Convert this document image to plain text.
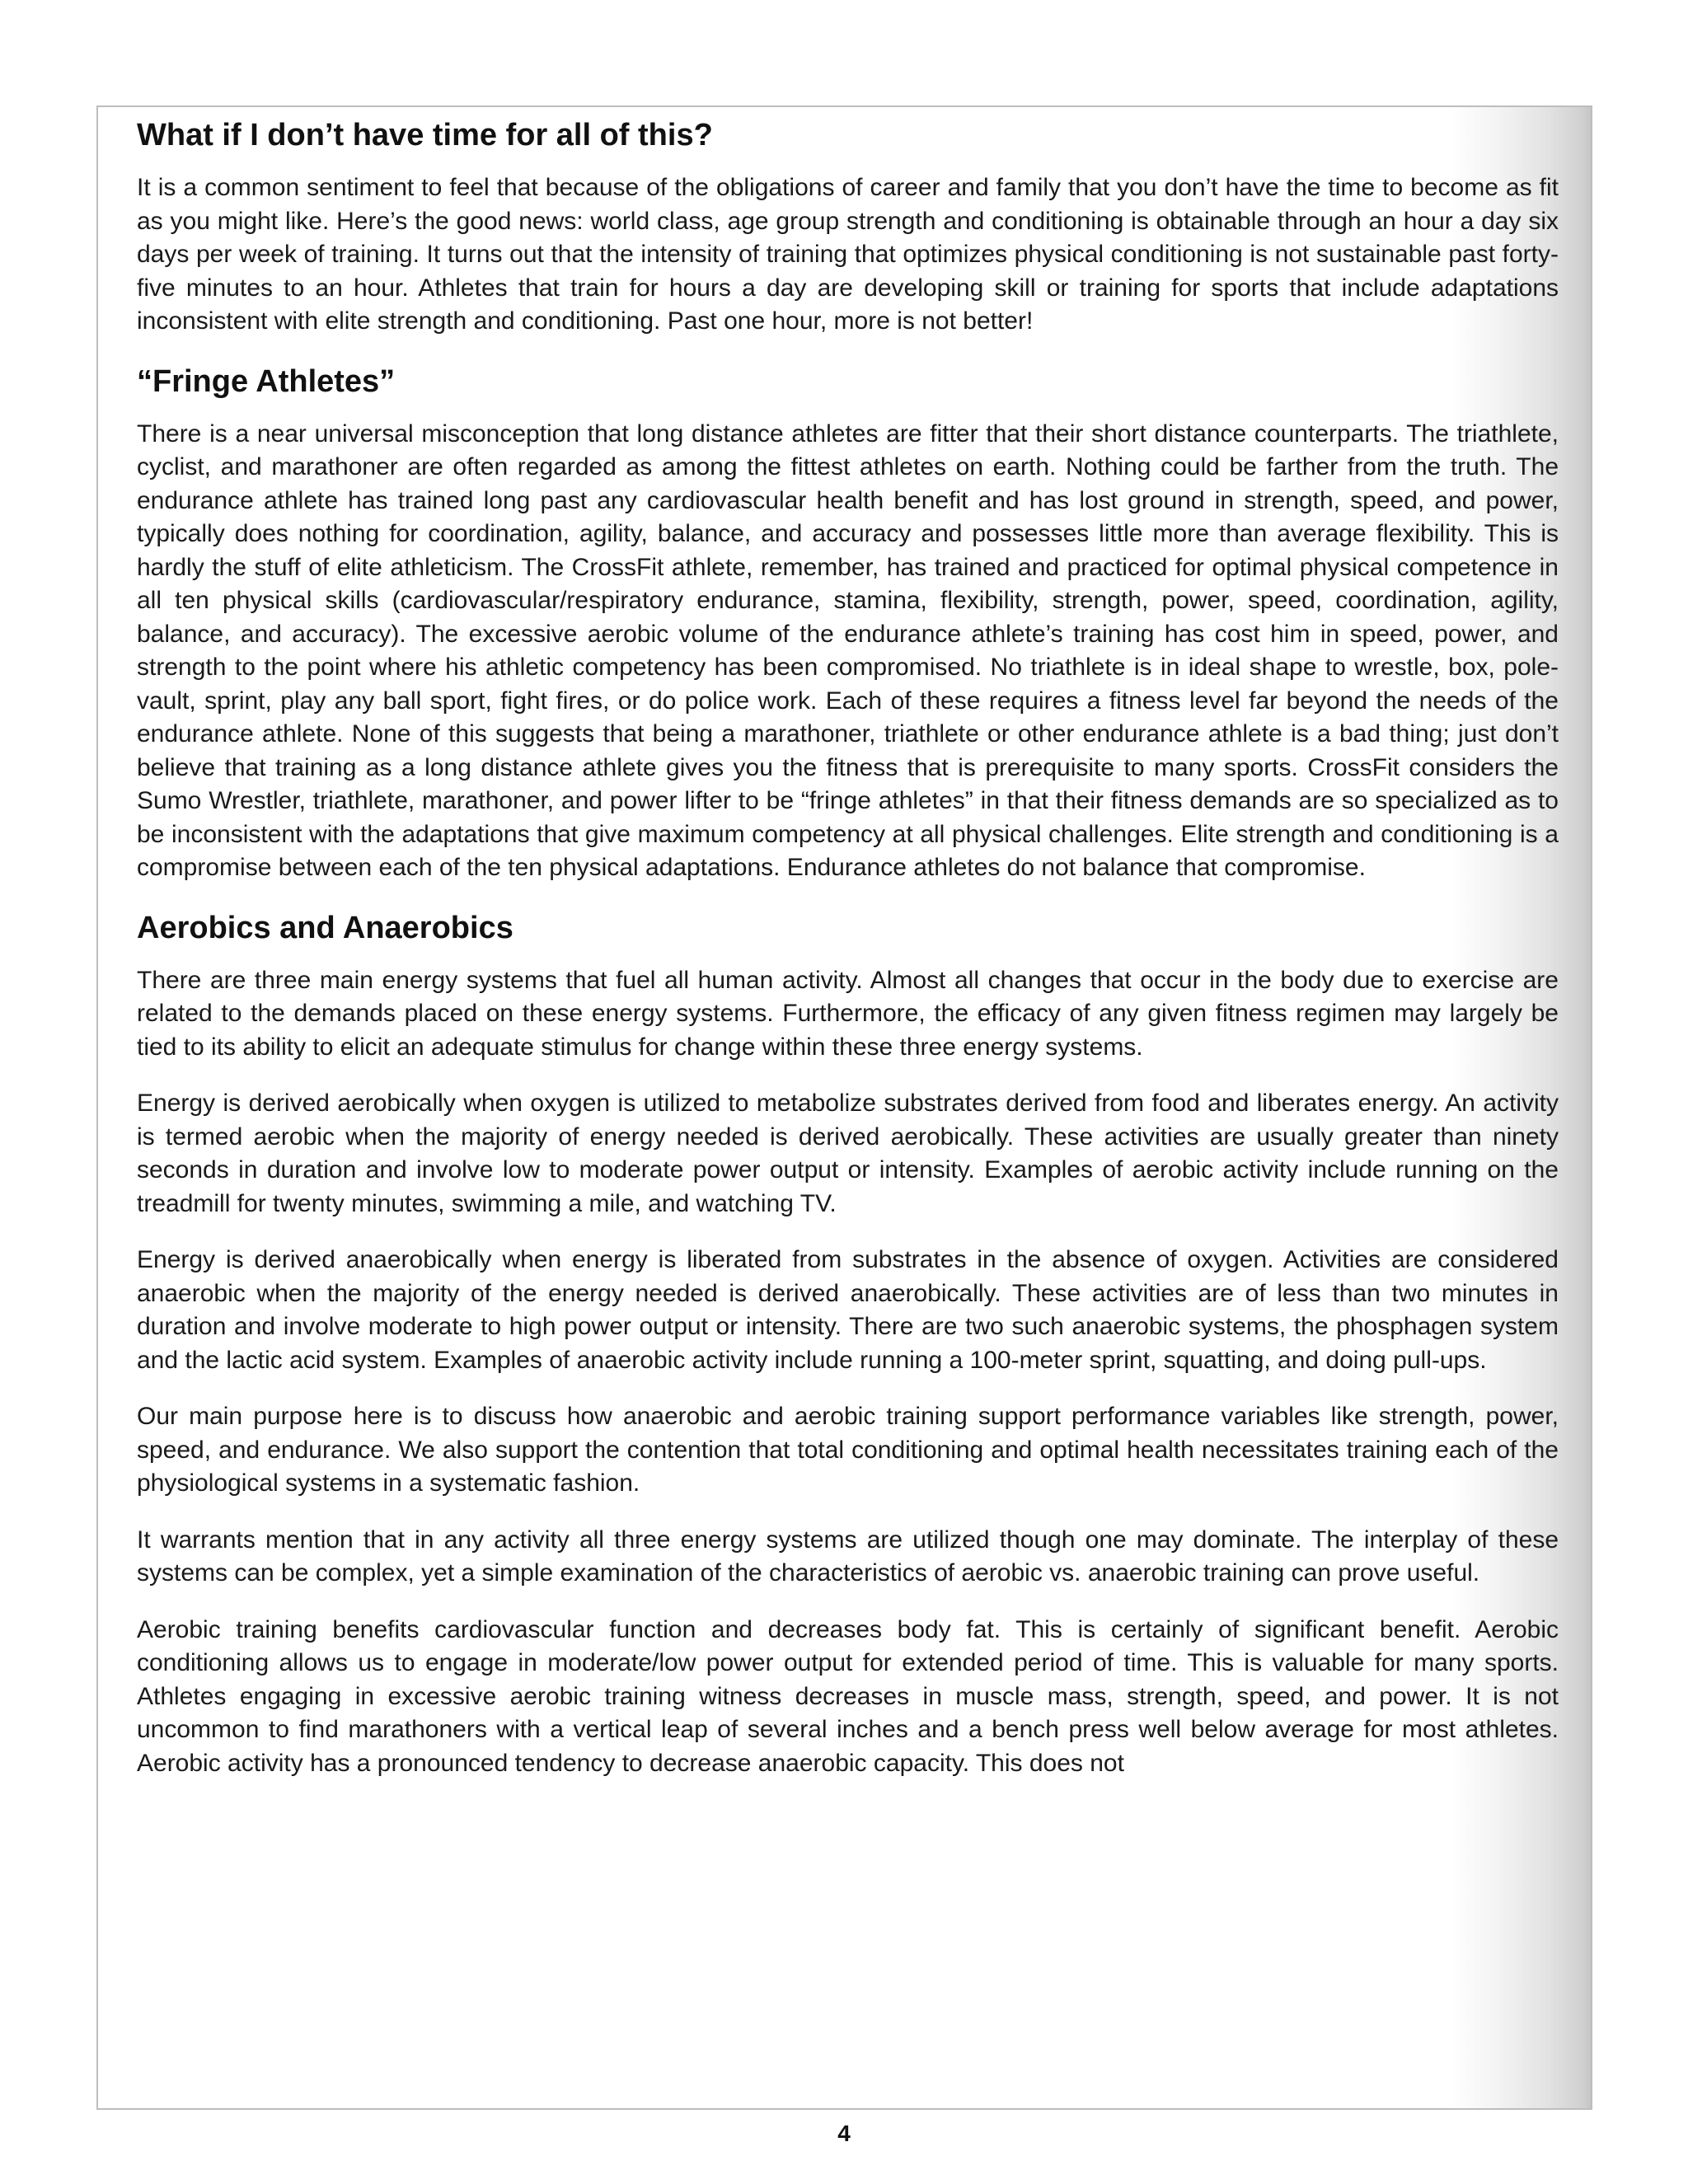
What if I don’t have time for all of this?

It is a common sentiment to feel that because of the obligations of career and family that you don’t have the time to become as fit as you might like. Here’s the good news: world class, age group strength and conditioning is obtainable through an hour a day six days per week of training. It turns out that the intensity of training that optimizes physical conditioning is not sustainable past forty-five minutes to an hour. Athletes that train for hours a day are developing skill or training for sports that include adaptations inconsistent with elite strength and conditioning. Past one hour, more is not better!

“Fringe Athletes”

There is a near universal misconception that long distance athletes are fitter that their short distance counterparts. The triathlete, cyclist, and marathoner are often regarded as among the fittest athletes on earth. Nothing could be farther from the truth. The endurance athlete has trained long past any cardiovascular health benefit and has lost ground in strength, speed, and power, typically does nothing for coordination, agility, balance, and accuracy and possesses little more than average flexibility. This is hardly the stuff of elite athleticism. The CrossFit athlete, remember, has trained and practiced for optimal physical competence in all ten physical skills (cardiovascular/respiratory endurance, stamina, flexibility, strength, power, speed, coordination, agility, balance, and accuracy). The excessive aerobic volume of the endurance athlete’s training has cost him in speed, power, and strength to the point where his athletic competency has been compromised. No triathlete is in ideal shape to wrestle, box, pole-vault, sprint, play any ball sport, fight fires, or do police work. Each of these requires a fitness level far beyond the needs of the endurance athlete. None of this suggests that being a marathoner, triathlete or other endurance athlete is a bad thing; just don’t believe that training as a long distance athlete gives you the fitness that is prerequisite to many sports. CrossFit considers the Sumo Wrestler, triathlete, marathoner, and power lifter to be “fringe athletes” in that their fitness demands are so specialized as to be inconsistent with the adaptations that give maximum competency at all physical challenges. Elite strength and conditioning is a compromise between each of the ten physical adaptations. Endurance athletes do not balance that compromise.

Aerobics and Anaerobics

There are three main energy systems that fuel all human activity. Almost all changes that occur in the body due to exercise are related to the demands placed on these energy systems. Furthermore, the efficacy of any given fitness regimen may largely be tied to its ability to elicit an adequate stimulus for change within these three energy systems.

Energy is derived aerobically when oxygen is utilized to metabolize substrates derived from food and liberates energy. An activity is termed aerobic when the majority of energy needed is derived aerobically. These activities are usually greater than ninety seconds in duration and involve low to moderate power output or intensity. Examples of aerobic activity include running on the treadmill for twenty minutes, swimming a mile, and watching TV.

Energy is derived anaerobically when energy is liberated from substrates in the absence of oxygen. Activities are considered anaerobic when the majority of the energy needed is derived anaerobically. These activities are of less than two minutes in duration and involve moderate to high power output or intensity. There are two such anaerobic systems, the phosphagen system and the lactic acid system. Examples of anaerobic activity include running a 100-meter sprint, squatting, and doing pull-ups.

Our main purpose here is to discuss how anaerobic and aerobic training support performance variables like strength, power, speed, and endurance. We also support the contention that total conditioning and optimal health necessitates training each of the physiological systems in a systematic fashion.

It warrants mention that in any activity all three energy systems are utilized though one may dominate. The interplay of these systems can be complex, yet a simple examination of the characteristics of aerobic vs. anaerobic training can prove useful.

Aerobic training benefits cardiovascular function and decreases body fat. This is certainly of significant benefit. Aerobic conditioning allows us to engage in moderate/low power output for extended period of time. This is valuable for many sports. Athletes engaging in excessive aerobic training witness decreases in muscle mass, strength, speed, and power. It is not uncommon to find marathoners with a vertical leap of several inches and a bench press well below average for most athletes. Aerobic activity has a pronounced tendency to decrease anaerobic capacity. This does not

4
